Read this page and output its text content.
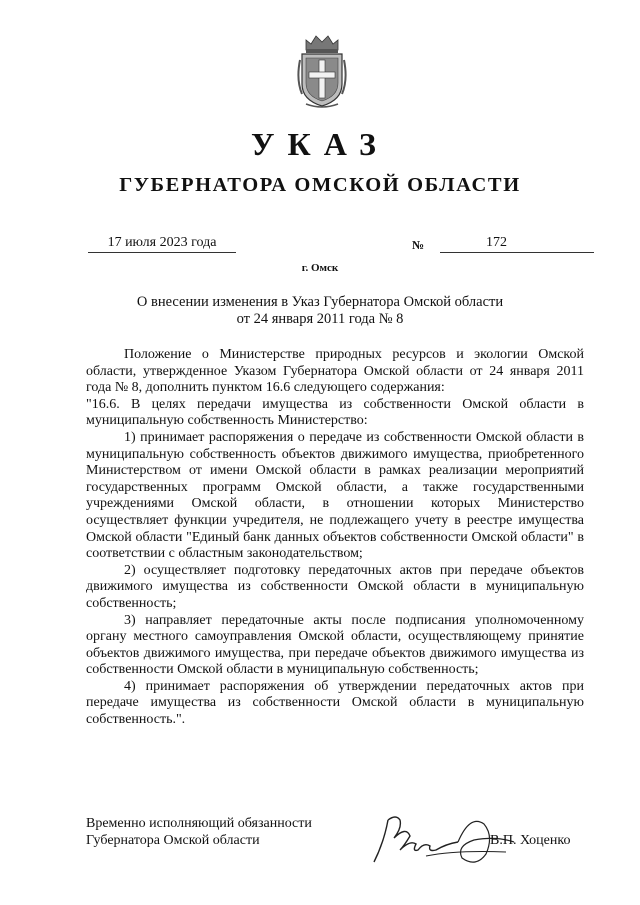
УКАЗ
ГУБЕРНАТОРА ОМСКОЙ ОБЛАСТИ
17 июля 2023 года	№	172
г. Омск
О внесении изменения в Указ Губернатора Омской области
от 24 января 2011 года № 8

Положение о Министерстве природных ресурсов и экологии Омской области, утвержденное Указом Губернатора Омской области от 24 января 2011 года № 8, дополнить пунктом 16.6 следующего содержания:

"16.6. В целях передачи имущества из собственности Омской области в муниципальную собственность Министерство:

1) принимает распоряжения о передаче из собственности Омской области в муниципальную собственность объектов движимого имущества, приобретенного Министерством от имени Омской области в рамках реализации мероприятий государственных программ Омской области, а также государственными учреждениями Омской области, в отношении которых Министерство осуществляет функции учредителя, не подлежащего учету в реестре имущества Омской области "Единый банк данных объектов собственности Омской области" в соответствии с областным законодательством;

2) осуществляет подготовку передаточных актов при передаче объектов движимого имущества из собственности Омской области в муниципальную собственность;

3) направляет передаточные акты после подписания уполномоченному органу местного самоуправления Омской области, осуществляющему принятие объектов движимого имущества, при передаче объектов движимого имущества из собственности Омской области в муниципальную собственность;

4) принимает распоряжения об утверждении передаточных актов при передаче имущества из собственности Омской области в муниципальную собственность.".

Временно исполняющий обязанности
Губернатора Омской области	В.П. Хоценко
